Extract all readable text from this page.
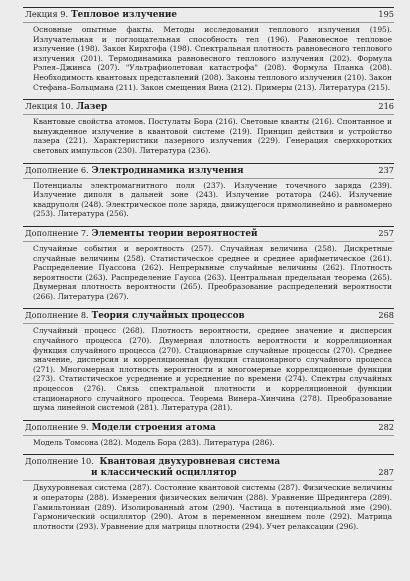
Лекция 9. Тепловое излучение	195
Основные опытные факты. Методы исследования теплового излучения (195). Излучательная и поглощательная способность тел (196). Равновесное тепловое излучение (198). Закон Кирхгофа (198). Спектральная плотность равновесного теплового излучения (201). Термодинамика равновесного теплового излучения (202). Формула Рэлея–Джинса (207). "Ультрафиолетовая катастрофа" (208). Формула Планка (208). Необходимость квантовых представлений (208). Законы теплового излучения (210). Закон Стефана–Больцмана (211). Закон смещения Вина (212). Примеры (213). Литература (215).
Лекция 10. Лазер	216
Квантовые свойства атомов. Постулаты Бора (216). Световые кванты (216). Спонтанное и вынужденное излучение в квантовой системе (219). Принцип действия и устройство лазера (221). Характеристики лазерного излучения (229). Генерация сверхкоротких световых импульсов (230). Литература (236).
Дополнение 6. Электродинамика излучения	237
Потенциалы электромагнитного поля (237). Излучение точечного заряда (239). Излучение диполя в дальней зоне (243). Излучение ротатора (246). Излучение квадруполя (248). Электрическое поле заряда, движущегося прямолинейно и равномерно (253). Литература (256).
Дополнение 7. Элементы теории вероятностей	257
Случайные события и вероятность (257). Случайная величина (258). Дискретные случайные величины (258). Статистическое среднее и среднее арифметическое (261). Распределение Пуассона (262). Непрерывные случайные величины (262). Плотность вероятности (263). Распределение Гаусса (263). Центральная предельная теорема (265). Двумерная плотность вероятности (265). Преобразование распределений вероятности (266). Литература (267).
Дополнение 8. Теория случайных процессов	268
Случайный процесс (268). Плотность вероятности, среднее значение и дисперсия случайного процесса (270). Двумерная плотность вероятности и корреляционная функция случайного процесса (270). Стационарные случайные процессы (270). Среднее значение, дисперсия и корреляционная функция стационарного случайного процесса (271). Многомерная плотность вероятности и многомерные корреляционные функции (273). Статистическое усреднение и усреднение по времени (274). Спектры случайных процессов (276). Связь спектральной плотности и корреляционной функции стационарного случайного процесса. Теорема Винера–Хинчина (278). Преобразование шума линейной системой (281). Литература (281).
Дополнение 9. Модели строения атома	282
Модель Томсона (282). Модель Бора (283). Литература (286).
Дополнение 10. Квантовая двухуровневая система
и классический осциллятор	287
Двухуровневая система (287). Состояние квантовой системы (287). Физические величины и операторы (288). Измерения физических величин (288). Уравнение Шредингера (289). Гамильтониан (289). Изолированный атом (290). Частица в потенциальной яме (290). Гармонический осциллятор (290). Атом в переменном внешнем поле (292). Матрица плотности (293). Уравнение для матрицы плотности (294). Учет релаксации (296).
